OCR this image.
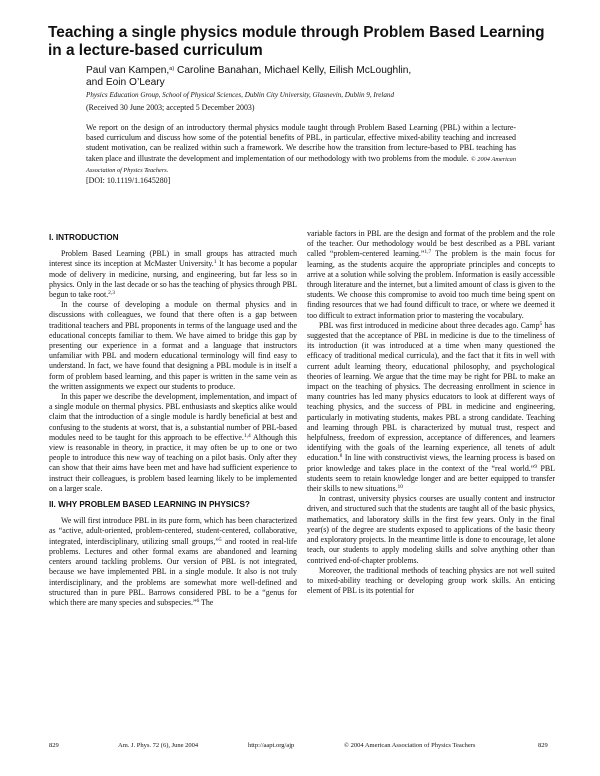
Teaching a single physics module through Problem Based Learning in a lecture-based curriculum
Paul van Kampen,$^{a)}$ Caroline Banahan, Michael Kelly, Eilish McLoughlin,
and Eoin O’Leary
Physics Education Group, School of Physical Sciences, Dublin City University, Glasnevin, Dublin 9, Ireland
(Received 30 June 2003; accepted 5 December 2003)

We report on the design of an introductory thermal physics module taught through Problem Based Learning (PBL) within a lecture-based curriculum and discuss how some of the potential benefits of PBL, in particular, effective mixed-ability teaching and increased student motivation, can be realized within such a framework. We describe how the transition from lecture-based to PBL teaching has taken place and illustrate the development and implementation of our methodology with two problems from the module. © 2004 American Association of Physics Teachers.
[DOI: 10.1119/1.1645280]

I. INTRODUCTION

Problem Based Learning (PBL) in small groups has attracted much interest since its inception at McMaster University.$^1$ It has become a popular mode of delivery in medicine, nursing, and engineering, but far less so in physics. Only in the last decade or so has the teaching of physics through PBL begun to take root.$^{2,3}$

In the course of developing a module on thermal physics and in discussions with colleagues, we found that there often is a gap between traditional teachers and PBL proponents in terms of the language used and the educational concepts familiar to them. We have aimed to bridge this gap by presenting our experience in a format and a language that instructors unfamiliar with PBL and modern educational terminology will find easy to understand. In fact, we have found that designing a PBL module is in itself a form of problem based learning, and this paper is written in the same vein as the written assignments we expect our students to produce.

In this paper we describe the development, implementation, and impact of a single module on thermal physics. PBL enthusiasts and skeptics alike would claim that the introduction of a single module is hardly beneficial at best and confusing to the students at worst, that is, a substantial number of PBL-based modules need to be taught for this approach to be effective.$^{1,4}$ Although this view is reasonable in theory, in practice, it may often be up to one or two people to introduce this new way of teaching on a pilot basis. Only after they can show that their aims have been met and have had sufficient experience to instruct their colleagues, is problem based learning likely to be implemented on a larger scale.

II. WHY PROBLEM BASED LEARNING IN PHYSICS?

We will first introduce PBL in its pure form, which has been characterized as “active, adult-oriented, problem-centered, student-centered, collaborative, integrated, interdisciplinary, utilizing small groups,”$^5$ and rooted in real-life problems. Lectures and other formal exams are abandoned and learning centers around tackling problems. Our version of PBL is not integrated, because we have implemented PBL in a single module. It also is not truly interdisciplinary, and the problems are somewhat more well-defined and structured than in pure PBL. Barrows considered PBL to be a “genus for which there are many species and subspecies.”$^6$ The

variable factors in PBL are the design and format of the problem and the role of the teacher. Our methodology would be best described as a PBL variant called “problem-centered learning.”$^{1,7}$ The problem is the main focus for learning, as the students acquire the appropriate principles and concepts to arrive at a solution while solving the problem. Information is easily accessible through literature and the internet, but a limited amount of class is given to the students. We choose this compromise to avoid too much time being spent on finding resources that we had found difficult to trace, or where we deemed it too difficult to extract information prior to mastering the vocabulary.

PBL was first introduced in medicine about three decades ago. Camp$^5$ has suggested that the acceptance of PBL in medicine is due to the timeliness of its introduction (it was introduced at a time when many questioned the efficacy of traditional medical curricula), and the fact that it fits in well with current adult learning theory, educational philosophy, and psychological theories of learning. We argue that the time may be right for PBL to make an impact on the teaching of physics. The decreasing enrollment in science in many countries has led many physics educators to look at different ways of teaching physics, and the success of PBL in medicine and engineering, particularly in motivating students, makes PBL a strong candidate. Teaching and learning through PBL is characterized by mutual trust, respect and helpfulness, freedom of expression, acceptance of differences, and learners identifying with the goals of the learning experience, all tenets of adult education.$^8$ In line with constructivist views, the learning process is based on prior knowledge and takes place in the context of the “real world.”$^9$ PBL students seem to retain knowledge longer and are better equipped to transfer their skills to new situations.$^{10}$

In contrast, university physics courses are usually content and instructor driven, and structured such that the students are taught all of the basic physics, mathematics, and laboratory skills in the first few years. Only in the final year(s) of the degree are students exposed to applications of the basic theory and exploratory projects. In the meantime little is done to encourage, let alone teach, our students to apply modeling skills and solve anything other than contrived end-of-chapter problems.

Moreover, the traditional methods of teaching physics are not well suited to mixed-ability teaching or developing group work skills. An enticing element of PBL is its potential for

829	Am. J. Phys. 72 (6), June 2004	http://aapt.org/ajp	© 2004 American Association of Physics Teachers	829
